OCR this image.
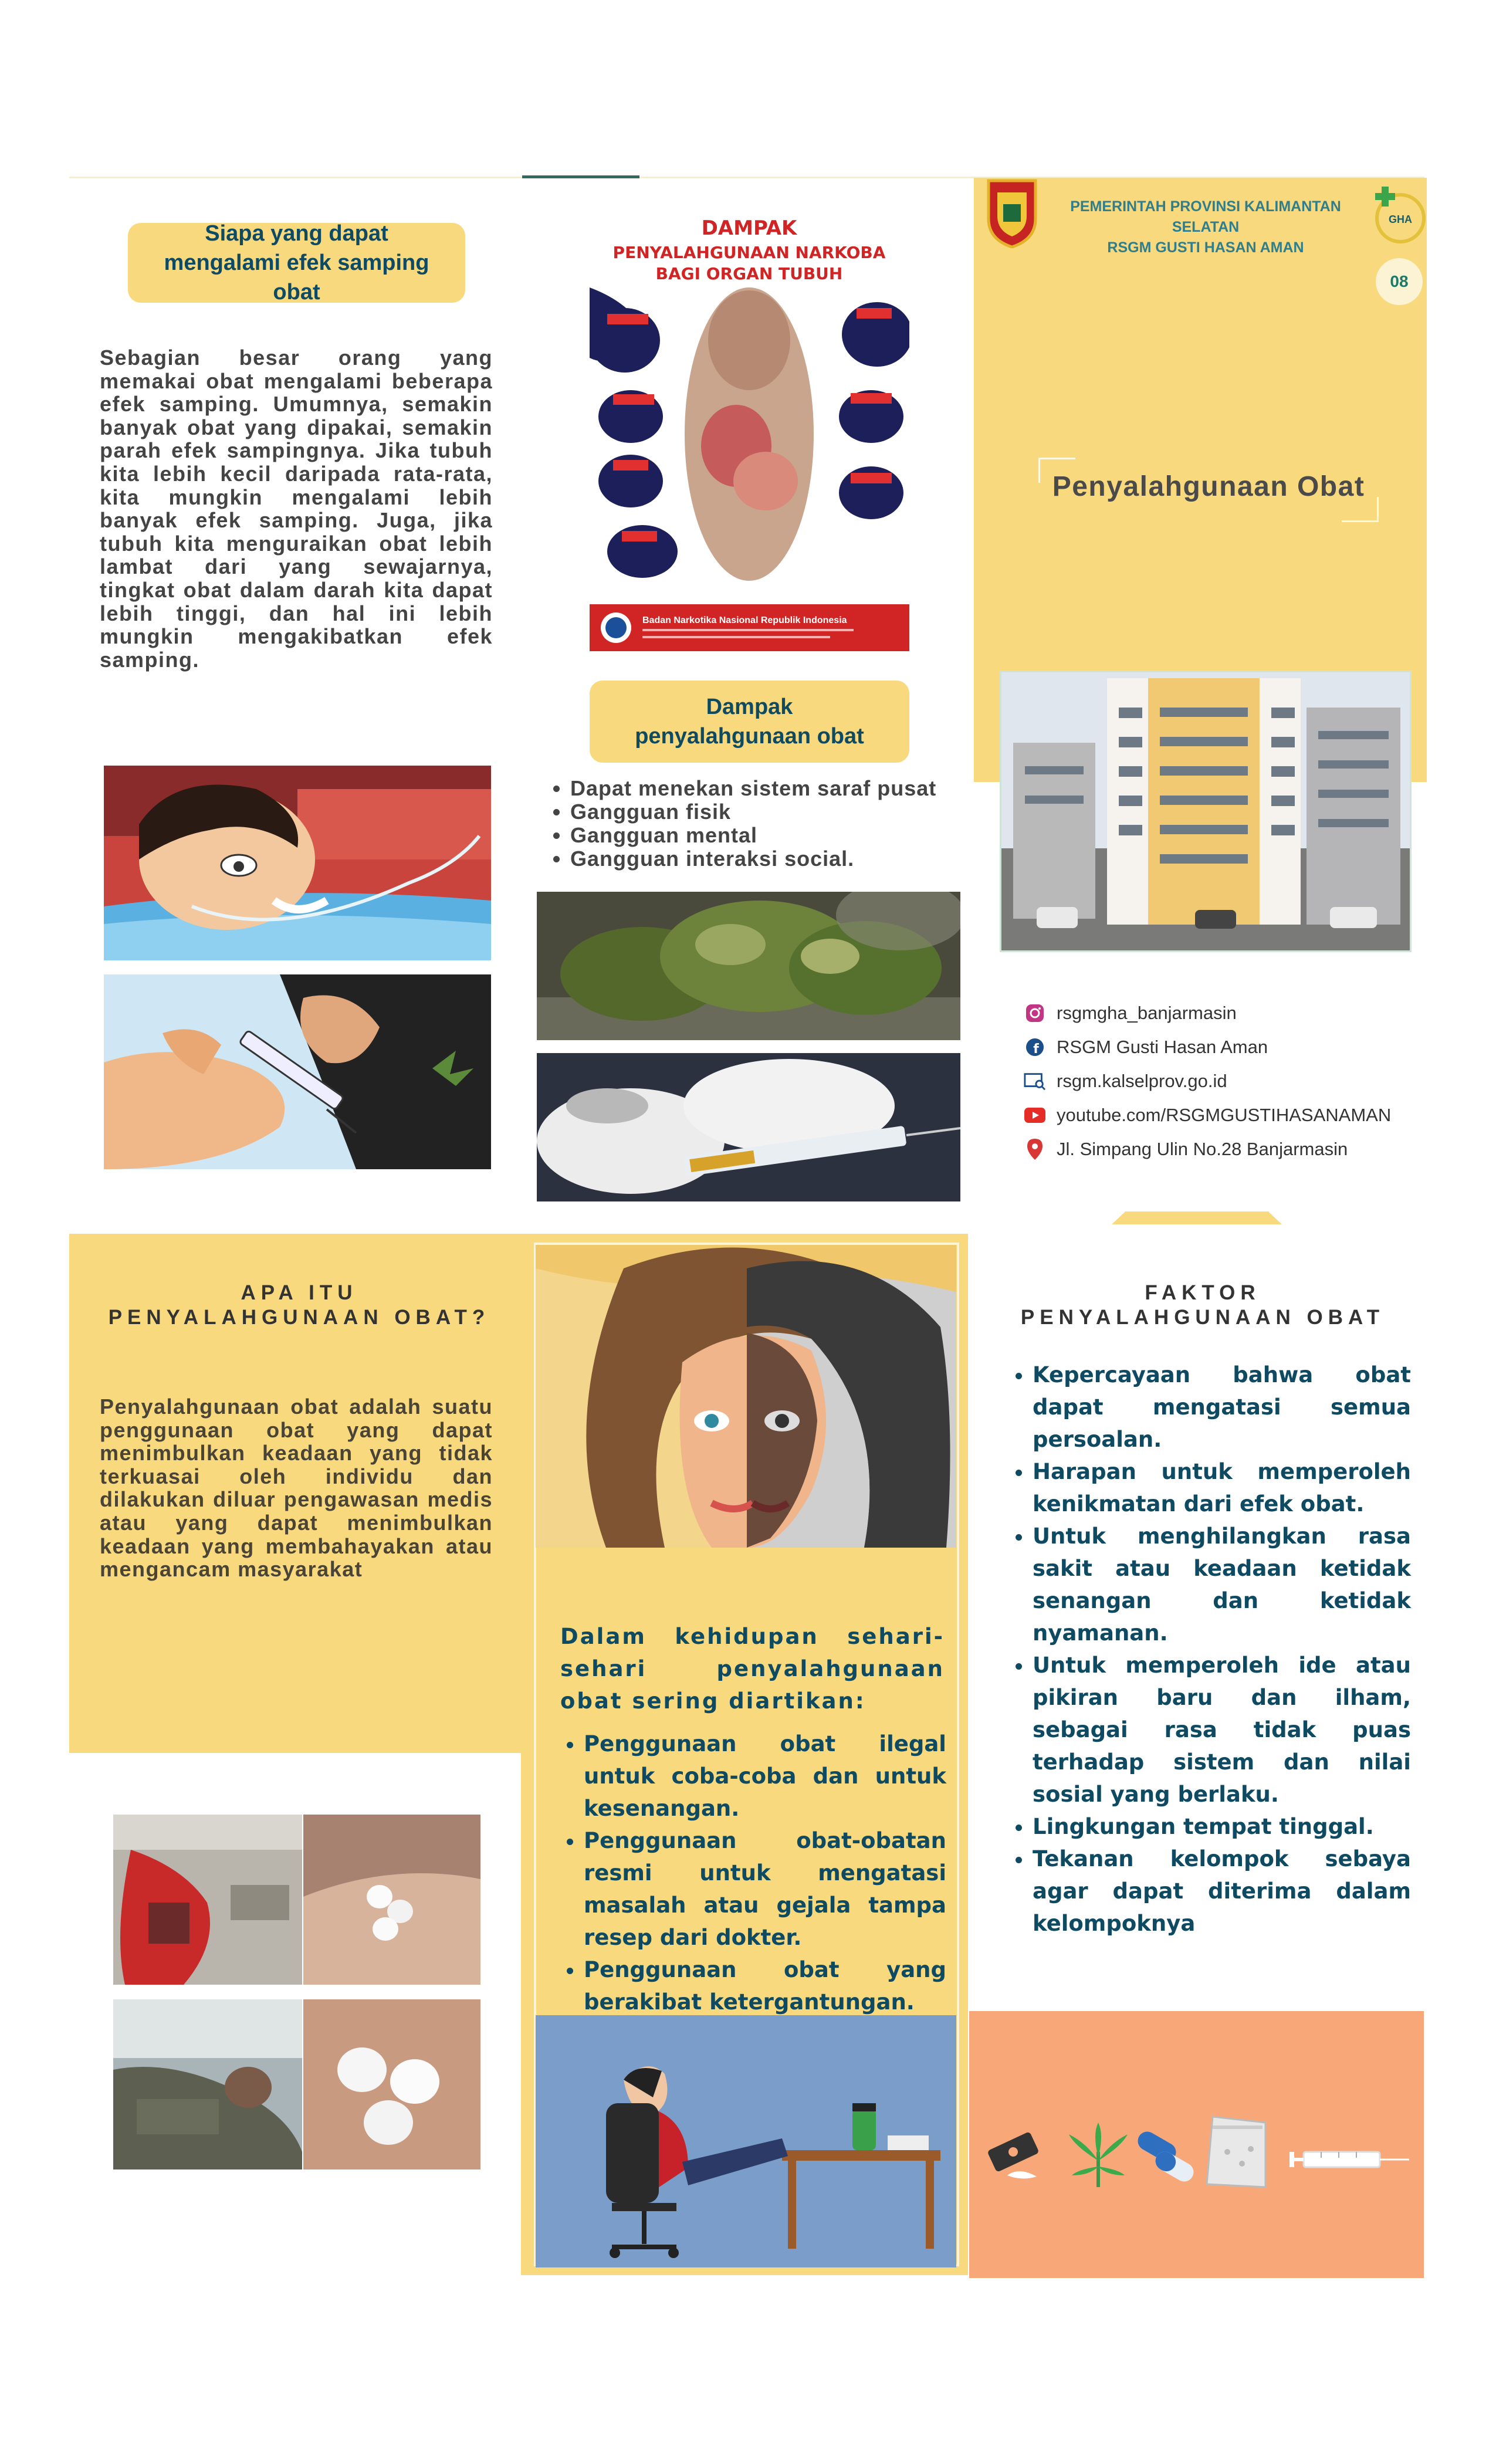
Siapa yang dapat mengalami efek samping obat
Sebagian besar orang yang memakai obat mengalami beberapa efek samping. Umumnya, semakin banyak obat yang dipakai, semakin parah efek sampingnya. Jika tubuh kita lebih kecil daripada rata-rata, kita mungkin mengalami lebih banyak efek samping. Juga, jika tubuh kita menguraikan obat lebih lambat dari yang sewajarnya, tingkat obat dalam darah kita dapat lebih tinggi, dan hal ini lebih mungkin mengakibatkan efek samping.
DAMPAK
PENYALAHGUNAAN NARKOBA
BAGI ORGAN TUBUH
Badan Narkotika Nasional Republik Indonesia
Dampak penyalahgunaan obat
• Dapat menekan sistem saraf pusat
• Gangguan fisik
• Gangguan mental
• Gangguan interaksi social.
PEMERINTAH PROVINSI KALIMANTAN SELATAN
RSGM GUSTI HASAN AMAN
GHA
08
Penyalahgunaan Obat
rsgmgha_banjarmasin
f RSGM Gusti Hasan Aman
rsgm.kalselprov.go.id
youtube.com/RSGMGUSTIHASANAMAN
Jl. Simpang Ulin No.28 Banjarmasin
APA ITU
PENYALAHGUNAAN OBAT?
Penyalahgunaan obat adalah suatu penggunaan obat yang dapat menimbulkan keadaan yang tidak terkuasai oleh individu dan dilakukan diluar pengawasan medis atau yang dapat menimbulkan keadaan yang membahayakan atau mengancam masyarakat
Dalam kehidupan sehari-sehari penyalahgunaan obat sering diartikan:
• Penggunaan obat ilegal untuk coba-coba dan untuk kesenangan.
• Penggunaan obat-obatan resmi untuk mengatasi masalah atau gejala tampa resep dari dokter.
• Penggunaan obat yang berakibat ketergantungan.
FAKTOR
PENYALAHGUNAAN OBAT
• Kepercayaan bahwa obat dapat mengatasi semua persoalan.
• Harapan untuk memperoleh kenikmatan dari efek obat.
• Untuk menghilangkan rasa sakit atau keadaan ketidak senangan dan ketidak nyamanan.
• Untuk memperoleh ide atau pikiran baru dan ilham, sebagai rasa tidak puas terhadap sistem dan nilai sosial yang berlaku.
• Lingkungan tempat tinggal.
• Tekanan kelompok sebaya agar dapat diterima dalam kelompoknya
